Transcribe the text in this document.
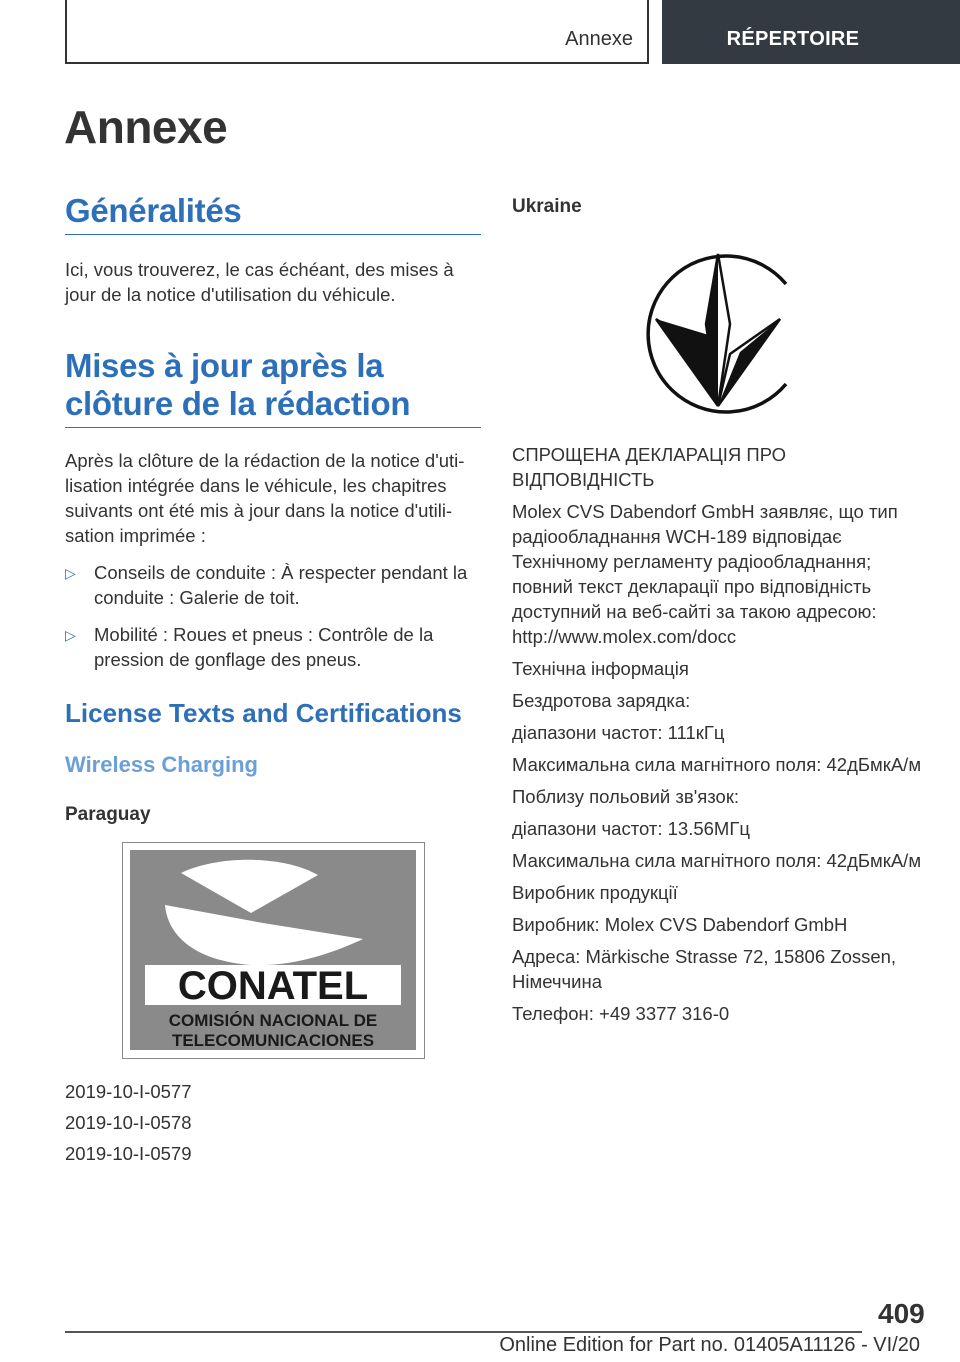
Annexe	RÉPERTOIRE
Annexe
Généralités
Ici, vous trouverez, le cas échéant, des mises à jour de la notice d'utilisation du véhicule.
Mises à jour après la
clôture de la rédaction
Après la clôture de la rédaction de la notice d'uti-
lisation intégrée dans le véhicule, les chapitres
suivants ont été mis à jour dans la notice d'utili-
sation imprimée :
▷ Conseils de conduite : À respecter pendant la conduite : Galerie de toit.
▷ Mobilité : Roues et pneus : Contrôle de la pression de gonflage des pneus.
License Texts and Certifications
Wireless Charging
Paraguay
CONATEL
COMISIÓN NACIONAL DE
TELECOMUNICACIONES
2019-10-I-0577
2019-10-I-0578
2019-10-I-0579
Ukraine
СПРОЩЕНА ДЕКЛАРАЦІЯ ПРО ВІДПОВІДНІСТЬ
Molex CVS Dabendorf GmbH заявляє, що тип радіообладнання WCH-189 відповідає Технічному регламенту радіообладнання; повний текст декларації про відповідність доступний на веб-сайті за такою адресою: http://www.molex.com/docc
Технічна інформація
Бездротова зарядка:
діапазони частот: 111кГц
Максимальна сила магнітного поля: 42дБмкА/м
Поблизу польовий зв'язок:
діапазони частот: 13.56МГц
Максимальна сила магнітного поля: 42дБмкА/м
Виробник продукції
Виробник: Molex CVS Dabendorf GmbH
Адреса: Märkische Strasse 72, 15806 Zossen, Німеччина
Телефон: +49 3377 316-0
409
Online Edition for Part no. 01405A11126 - VI/20
